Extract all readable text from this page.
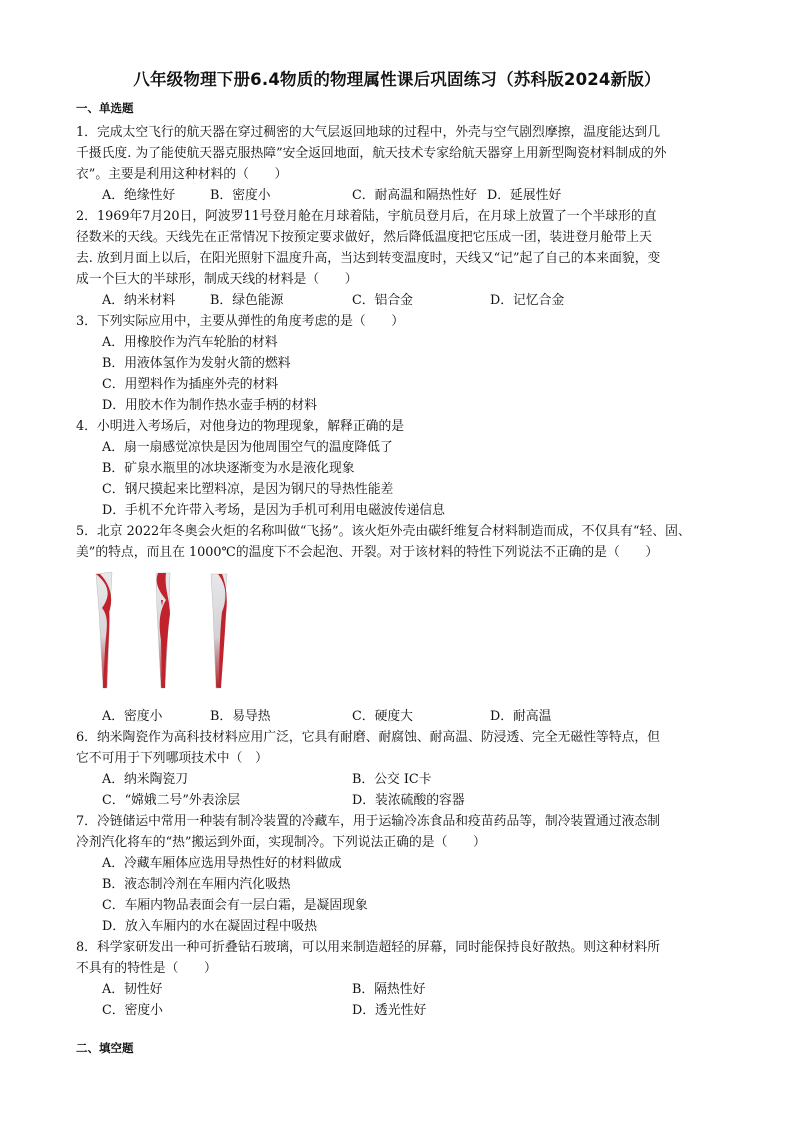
八年级物理下册6.4物质的物理属性课后巩固练习（苏科版2024新版）
一、单选题
1．完成太空飞行的航天器在穿过稠密的大气层返回地球的过程中，外壳与空气剧烈摩擦，温度能达到几
千摄氏度. 为了能使航天器克服热障”安全返回地面，航天技术专家给航天器穿上用新型陶瓷材料制成的外
衣”。主要是利用这种材料的（　　）
A．绝缘性好	B．密度小	C．耐高温和隔热性好 D．延展性好
2．1969年7月20日，阿波罗11号登月舱在月球着陆，宇航员登月后，在月球上放置了一个半球形的直
径数米的天线。天线先在正常情况下按预定要求做好，然后降低温度把它压成一团，装进登月舱带上天
去. 放到月面上以后，在阳光照射下温度升高，当达到转变温度时，天线又“记”起了自己的本来面貌，变
成一个巨大的半球形，制成天线的材料是（　　）
A．纳米材料	B．绿色能源	C．铝合金	D．记忆合金
3．下列实际应用中，主要从弹性的角度考虑的是（　　）
A．用橡胶作为汽车轮胎的材料
B．用液体氢作为发射火箭的燃料
C．用塑料作为插座外壳的材料
D．用胶木作为制作热水壶手柄的材料
4．小明进入考场后，对他身边的物理现象，解释正确的是
A．扇一扇感觉凉快是因为他周围空气的温度降低了
B．矿泉水瓶里的冰块逐渐变为水是液化现象
C．钢尺摸起来比塑料凉，是因为钢尺的导热性能差
D．手机不允许带入考场，是因为手机可利用电磁波传递信息
5．北京 2022年冬奥会火炬的名称叫做“飞扬”。该火炬外壳由碳纤维复合材料制造而成，不仅具有“轻、固、
美”的特点，而且在 1000℃的温度下不会起泡、开裂。对于该材料的特性下列说法不正确的是（　　）
A．密度小	B．易导热	C．硬度大	D．耐高温
6．纳米陶瓷作为高科技材料应用广泛，它具有耐磨、耐腐蚀、耐高温、防浸透、完全无磁性等特点，但
它不可用于下列哪项技术中（　）
A．纳米陶瓷刀	B．公交 IC卡
C．“嫦娥二号”外表涂层	D．装浓硫酸的容器
7．冷链储运中常用一种装有制冷装置的冷藏车，用于运输冷冻食品和疫苗药品等，制冷装置通过液态制
冷剂汽化将车的“热”搬运到外面，实现制冷。下列说法正确的是（　　）
A．冷藏车厢体应选用导热性好的材料做成
B．液态制冷剂在车厢内汽化吸热
C．车厢内物品表面会有一层白霜，是凝固现象
D．放入车厢内的水在凝固过程中吸热
8．科学家研发出一种可折叠钻石玻璃，可以用来制造超轻的屏幕，同时能保持良好散热。则这种材料所
不具有的特性是（　　）
A．韧性好	B．隔热性好
C．密度小	D．透光性好
二、填空题
